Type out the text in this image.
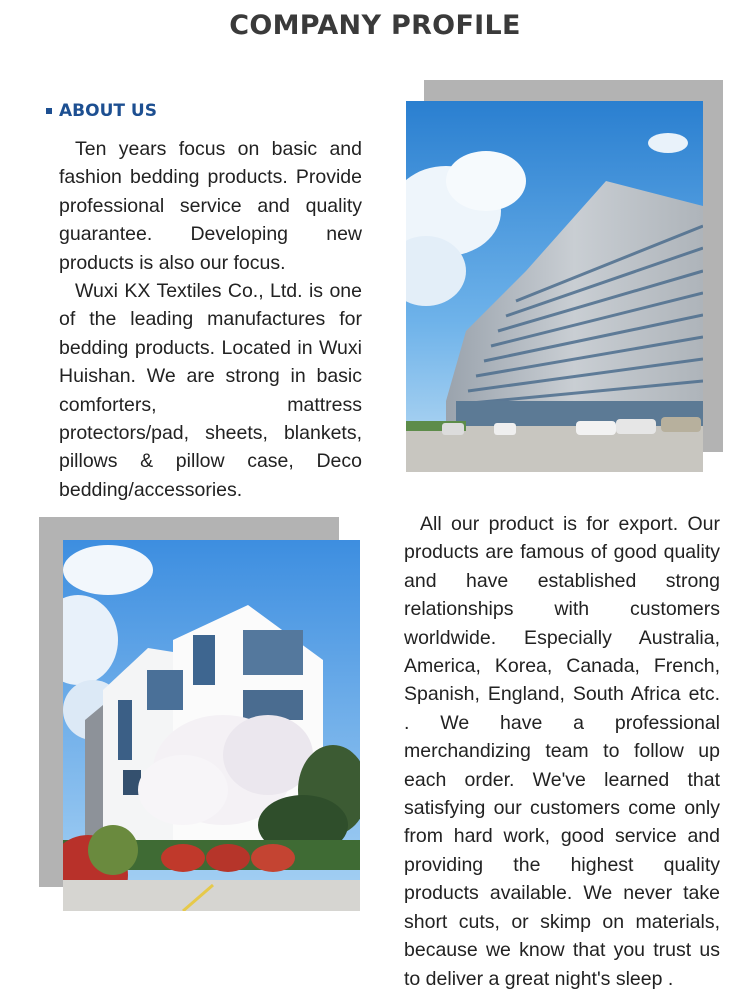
COMPANY PROFILE
ABOUT US

Ten years focus on basic and fashion bedding products. Provide professional service and quality guarantee. Developing new products is also our focus.

Wuxi KX Textiles Co., Ltd. is one of the leading manufactures for bedding products. Located in Wuxi Huishan. We are strong in basic comforters, mattress protectors/pad, sheets, blankets, pillows & pillow case, Deco bedding/accessories.

All our product is for export. Our products are famous of good quality and have established strong relationships with customers worldwide. Especially Australia, America, Korea, Canada, French, Spanish, England, South Africa etc. . We have a professional merchandizing team to follow up each order. We've learned that satisfying our customers come only from hard work, good service and providing the highest quality products available. We never take short cuts, or skimp on materials, because we know that you trust us to deliver a great night's sleep .
